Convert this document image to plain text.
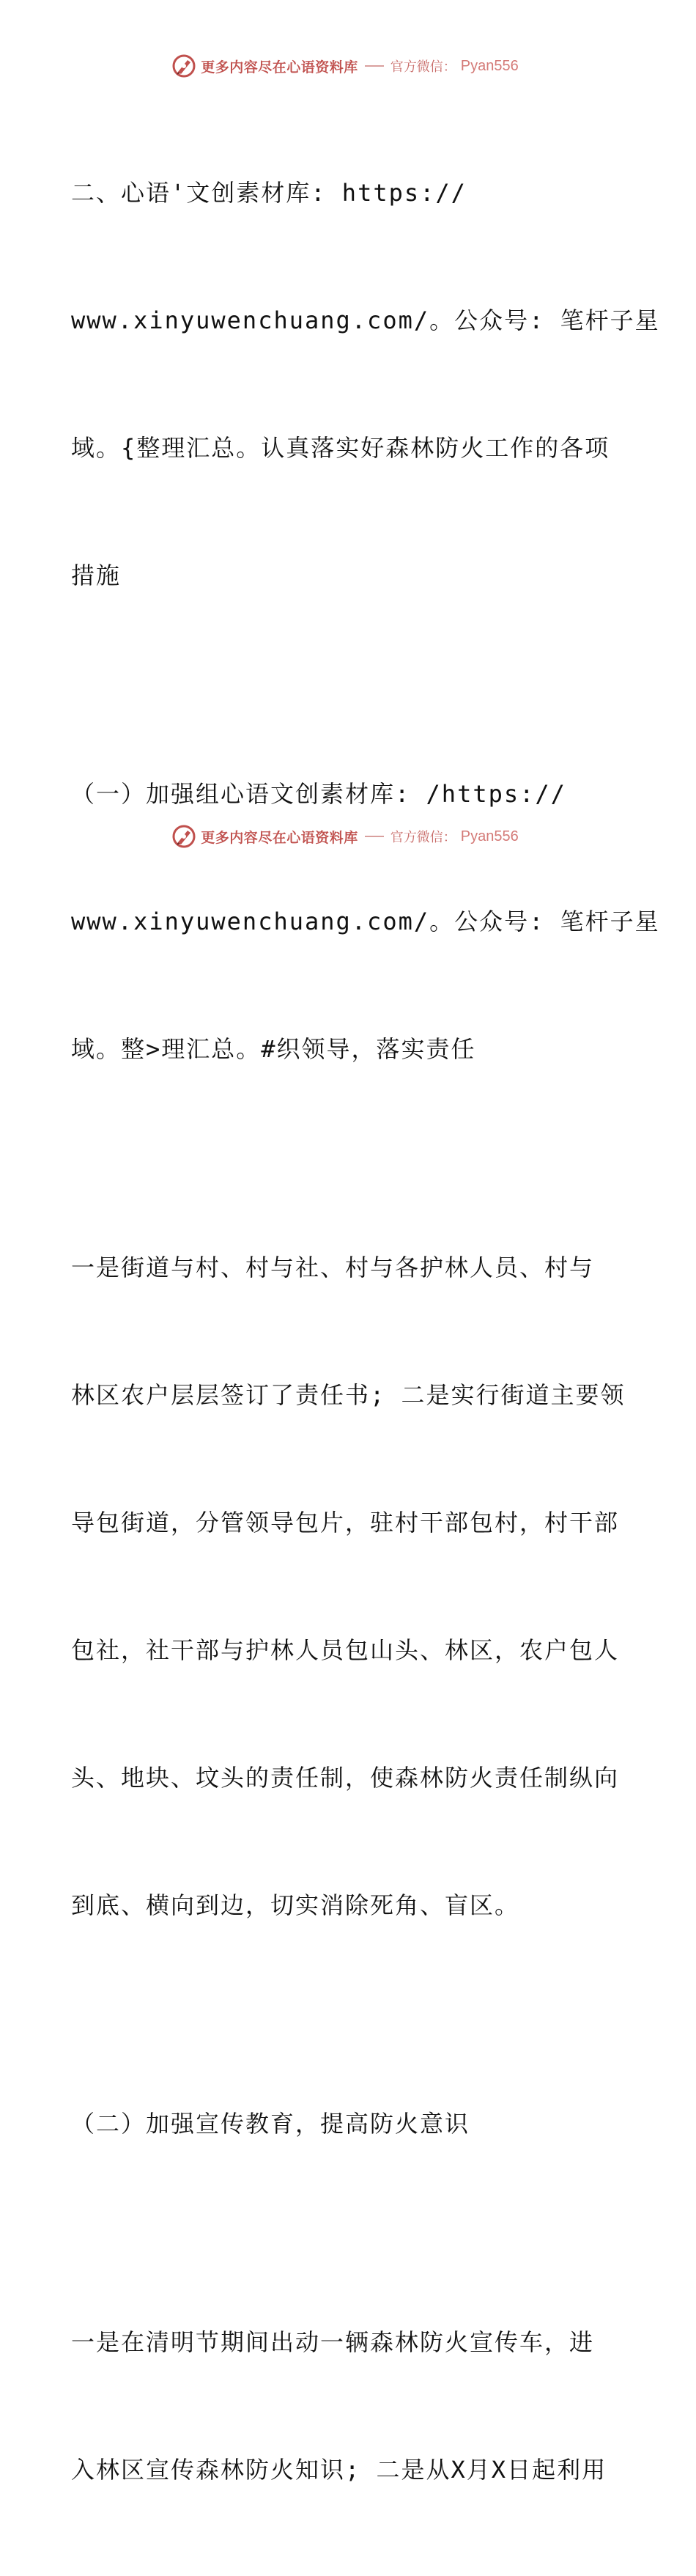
更多内容尽在心语资料库 官方微信： Pyan556

二、心语'文创素材库: https://

www.xinyuwenchuang.com/。公众号: 笔杆子星

域。{整理汇总。认真落实好森林防火工作的各项

措施

（一）加强组心语文创素材库: /https://

www.xinyuwenchuang.com/。公众号: 笔杆子星

域。整>理汇总。#织领导，落实责任

一是街道与村、村与社、村与各护林人员、村与

林区农户层层签订了责任书; 二是实行街道主要领

导包街道，分管领导包片，驻村干部包村，村干部

包社，社干部与护林人员包山头、林区，农户包人

头、地块、坟头的责任制，使森林防火责任制纵向

到底、横向到边，切实消除死角、盲区。

（二）加强宣传教育，提高防火意识

一是在清明节期间出动一辆森林防火宣传车，进

入林区宣传森林防火知识; 二是从X月X日起利用

更多内容尽在心语资料库 官方微信： Pyan556
